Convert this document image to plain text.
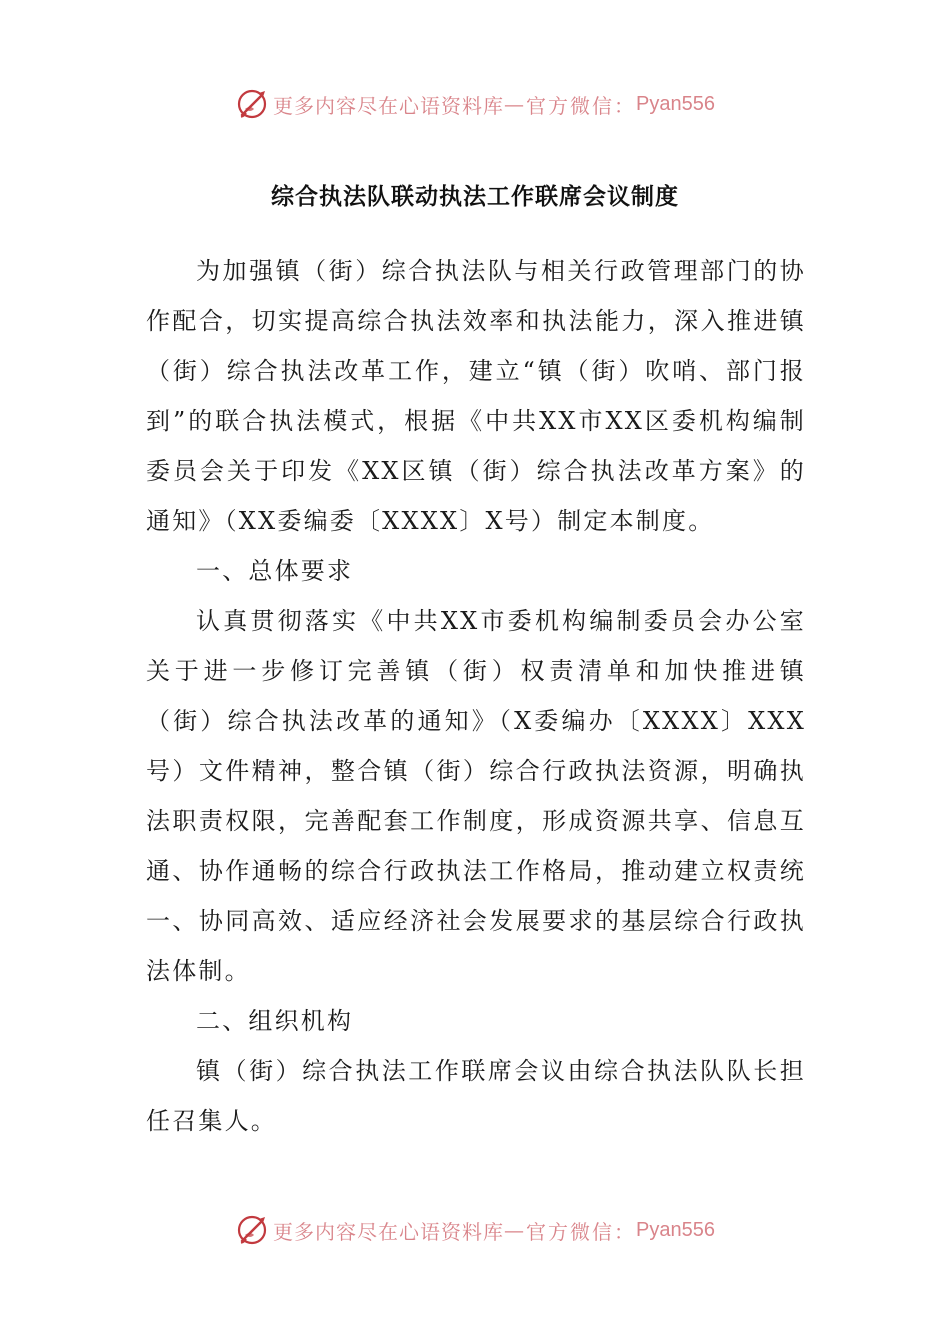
更多内容尽在心语资料库 — 官方微信： Pyan556
综合执法队联动执法工作联席会议制度

为加强镇（街）综合执法队与相关行政管理部门的协作配合，切实提高综合执法效率和执法能力，深入推进镇（街）综合执法改革工作，建立“镇（街）吹哨、部门报到”的联合执法模式，根据《中共XX市XX区委机构编制委员会关于印发《XX区镇（街）综合执法改革方案》的通知》（XX委编委〔XXXX〕X号）制定本制度。

一、总体要求

认真贯彻落实《中共XX市委机构编制委员会办公室关于进一步修订完善镇（街）权责清单和加快推进镇（街）综合执法改革的通知》（X委编办〔XXXX〕XXX号）文件精神，整合镇（街）综合行政执法资源，明确执法职责权限，完善配套工作制度，形成资源共享、信息互通、协作通畅的综合行政执法工作格局，推动建立权责统一、协同高效、适应经济社会发展要求的基层综合行政执法体制。

二、组织机构

镇（街）综合执法工作联席会议由综合执法队队长担任召集人。

更多内容尽在心语资料库 — 官方微信： Pyan556
